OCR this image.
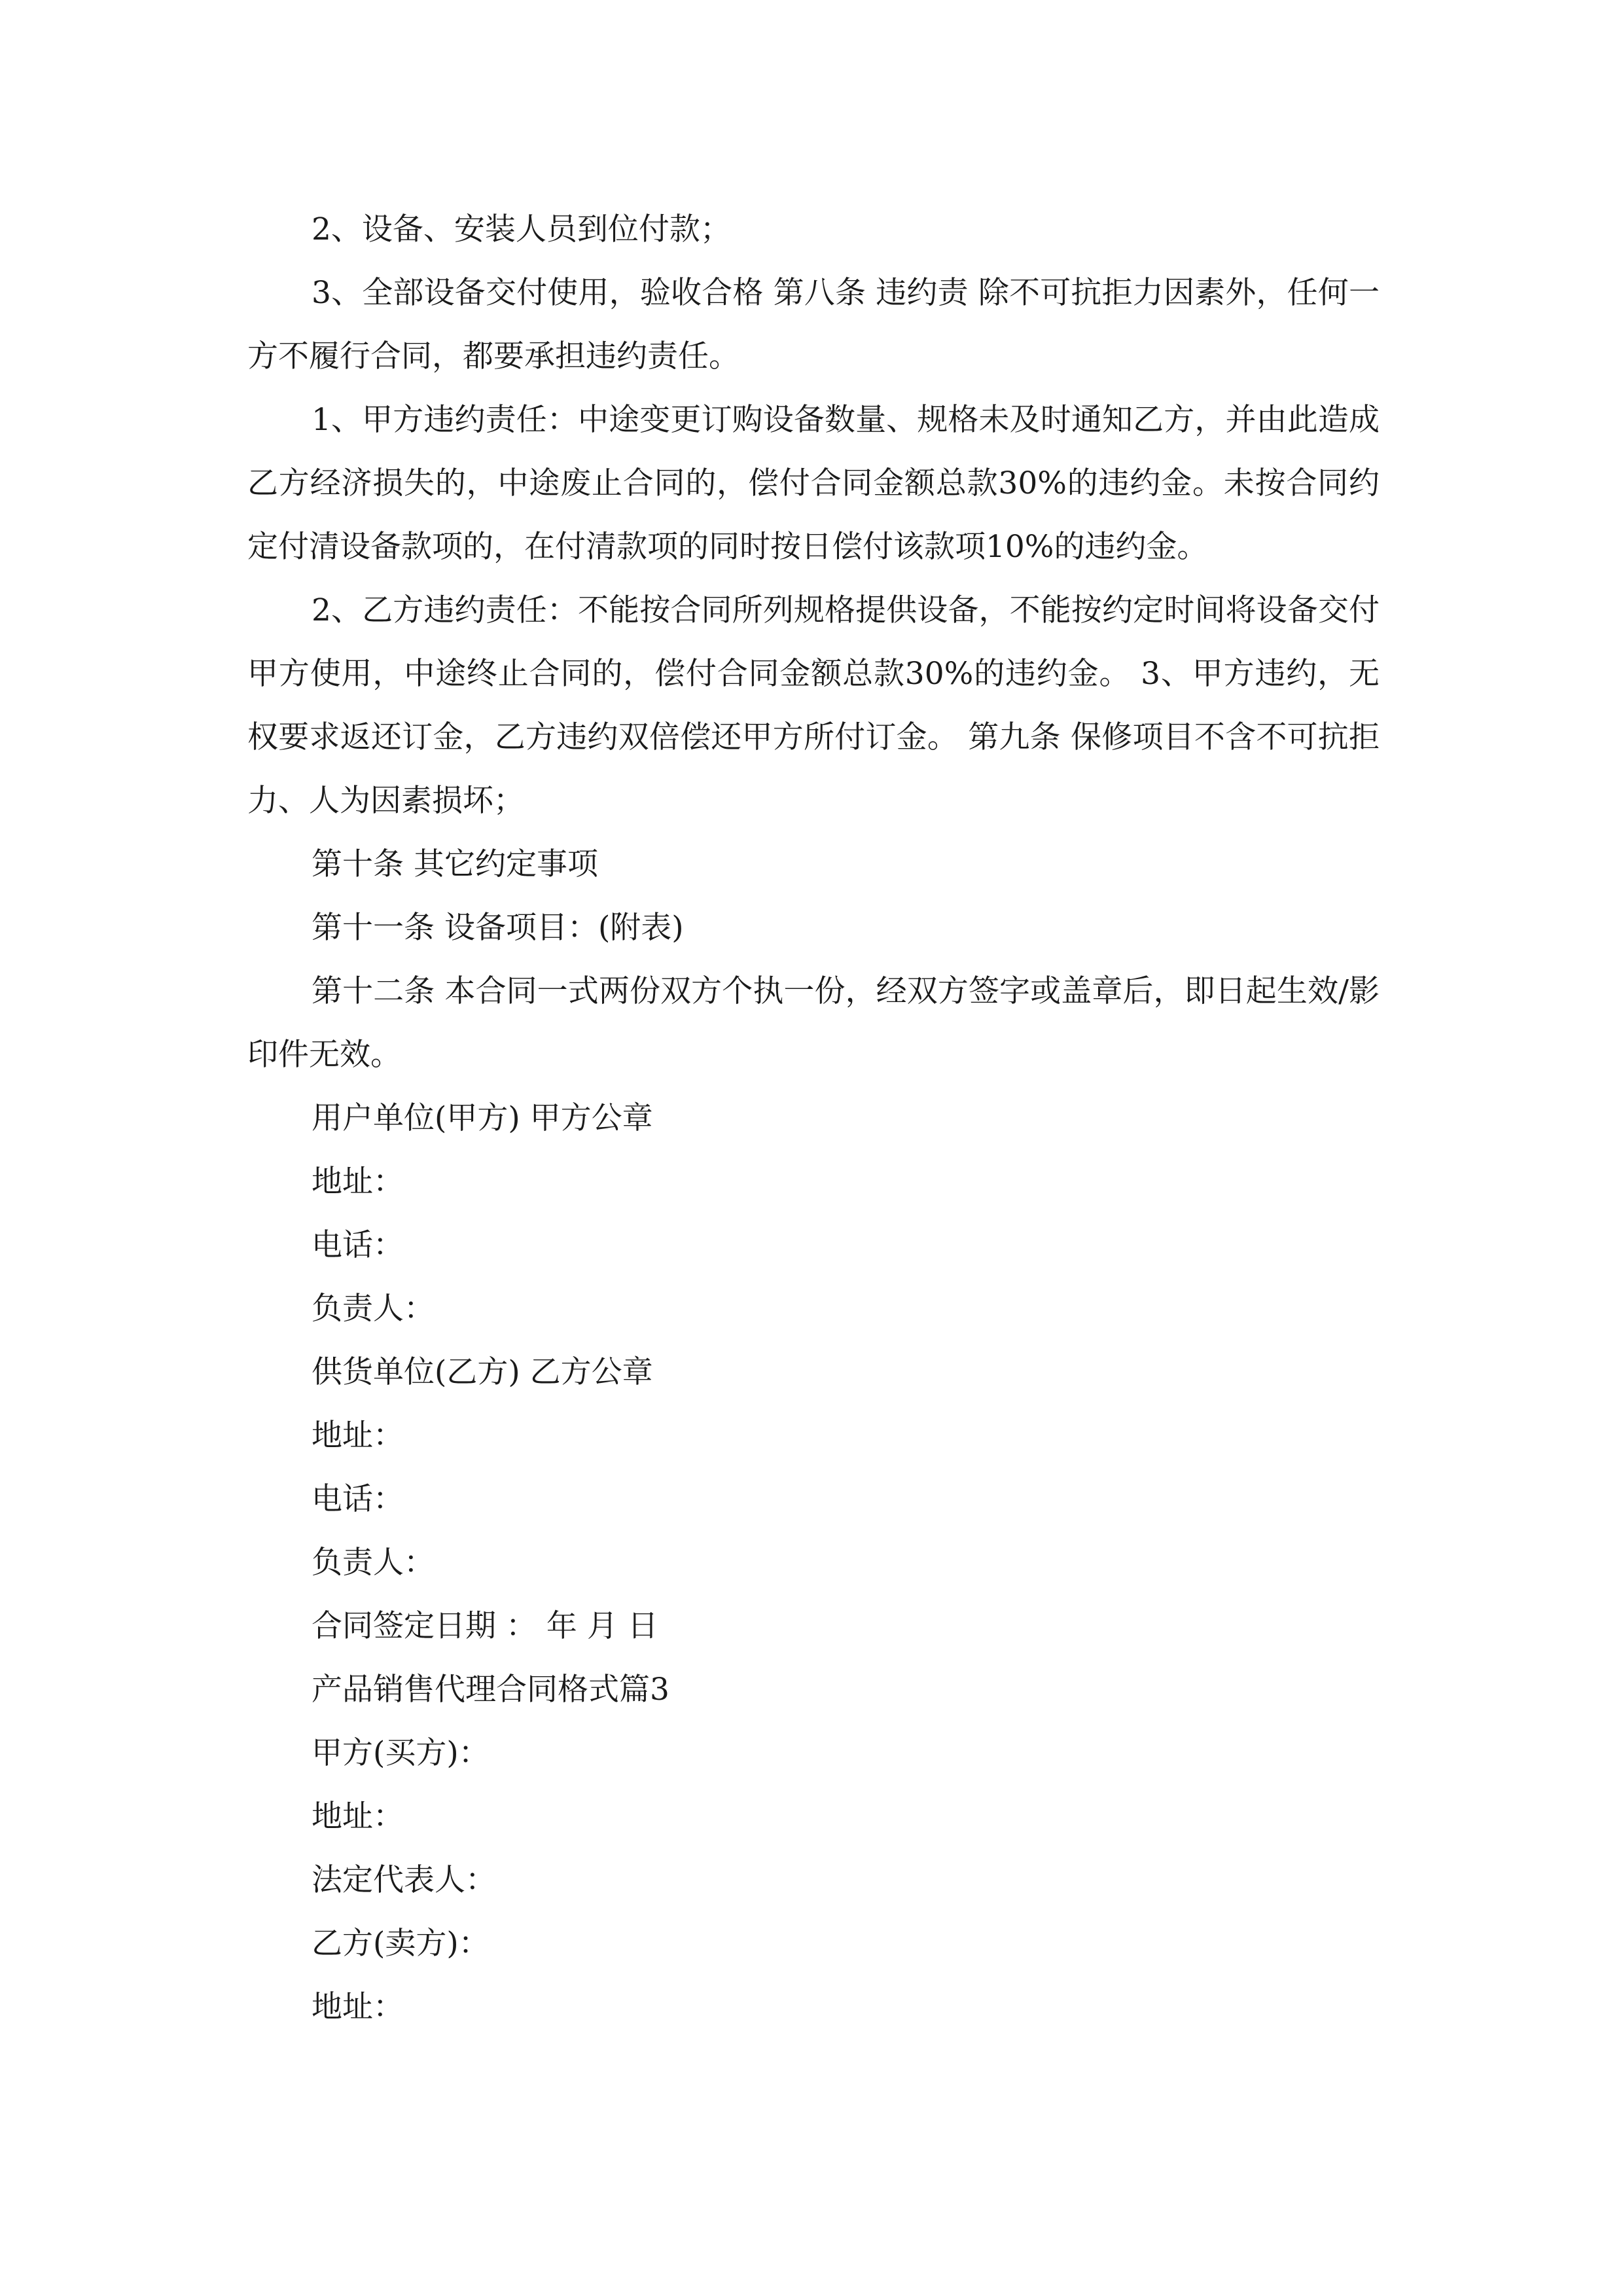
2、设备、安装人员到位付款；

3、全部设备交付使用，验收合格 第八条 违约责 除不可抗拒力因素外，任何一方不履行合同，都要承担违约责任。

1、甲方违约责任：中途变更订购设备数量、规格未及时通知乙方，并由此造成乙方经济损失的，中途废止合同的，偿付合同金额总款30%的违约金。未按合同约定付清设备款项的，在付清款项的同时按日偿付该款项10%的违约金。

2、乙方违约责任：不能按合同所列规格提供设备，不能按约定时间将设备交付甲方使用，中途终止合同的，偿付合同金额总款30%的违约金。 3、甲方违约，无权要求返还订金，乙方违约双倍偿还甲方所付订金。 第九条 保修项目不含不可抗拒力、人为因素损坏；

第十条 其它约定事项

第十一条 设备项目：(附表)

第十二条 本合同一式两份双方个执一份，经双方签字或盖章后，即日起生效/影印件无效。

用户单位(甲方) 甲方公章

地址：

电话：

负责人：

供货单位(乙方) 乙方公章

地址：

电话：

负责人：

合同签定日期 ： 年 月 日

产品销售代理合同格式篇3

甲方(买方)：

地址：

法定代表人：

乙方(卖方)：

地址：
